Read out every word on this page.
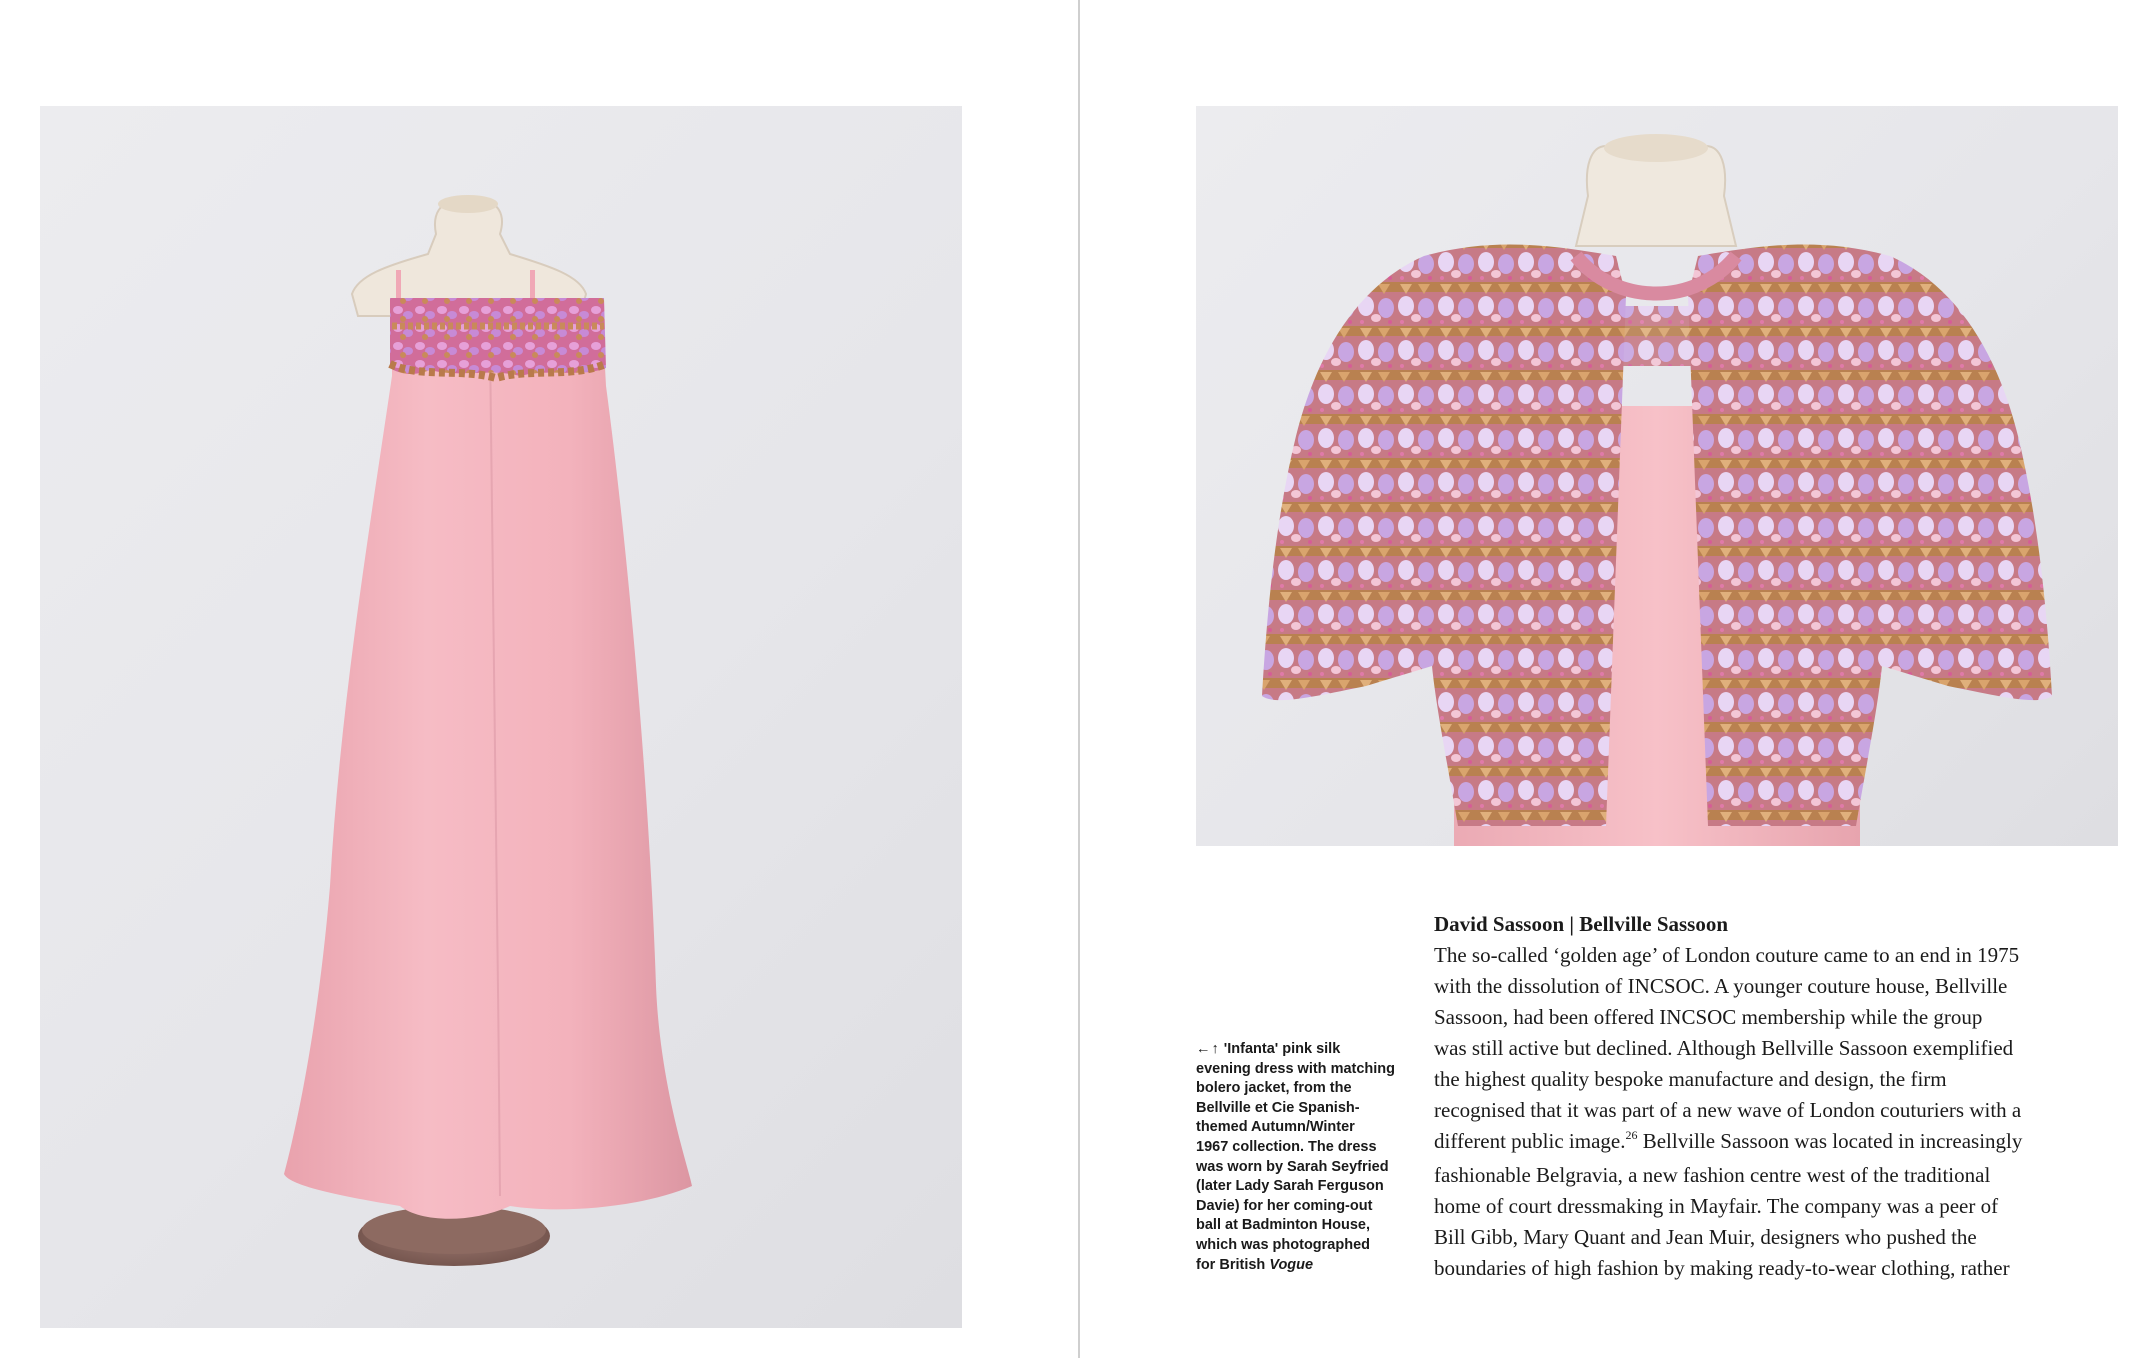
←↑ 'Infanta' pink silk
evening dress with matching
bolero jacket, from the
Bellville et Cie Spanish-
themed Autumn/Winter
1967 collection. The dress
was worn by Sarah Seyfried
(later Lady Sarah Ferguson
Davie) for her coming-out
ball at Badminton House,
which was photographed
for British Vogue
David Sassoon | Bellville Sassoon
The so-called ‘golden age’ of London couture came to an end in 1975
with the dissolution of INCSOC. A younger couture house, Bellville
Sassoon, had been offered INCSOC membership while the group
was still active but declined. Although Bellville Sassoon exemplified
the highest quality bespoke manufacture and design, the firm
recognised that it was part of a new wave of London couturiers with a
different public image.$^{26}$ Bellville Sassoon was located in increasingly
fashionable Belgravia, a new fashion centre west of the traditional
home of court dressmaking in Mayfair. The company was a peer of
Bill Gibb, Mary Quant and Jean Muir, designers who pushed the
boundaries of high fashion by making ready-to-wear clothing, rather
